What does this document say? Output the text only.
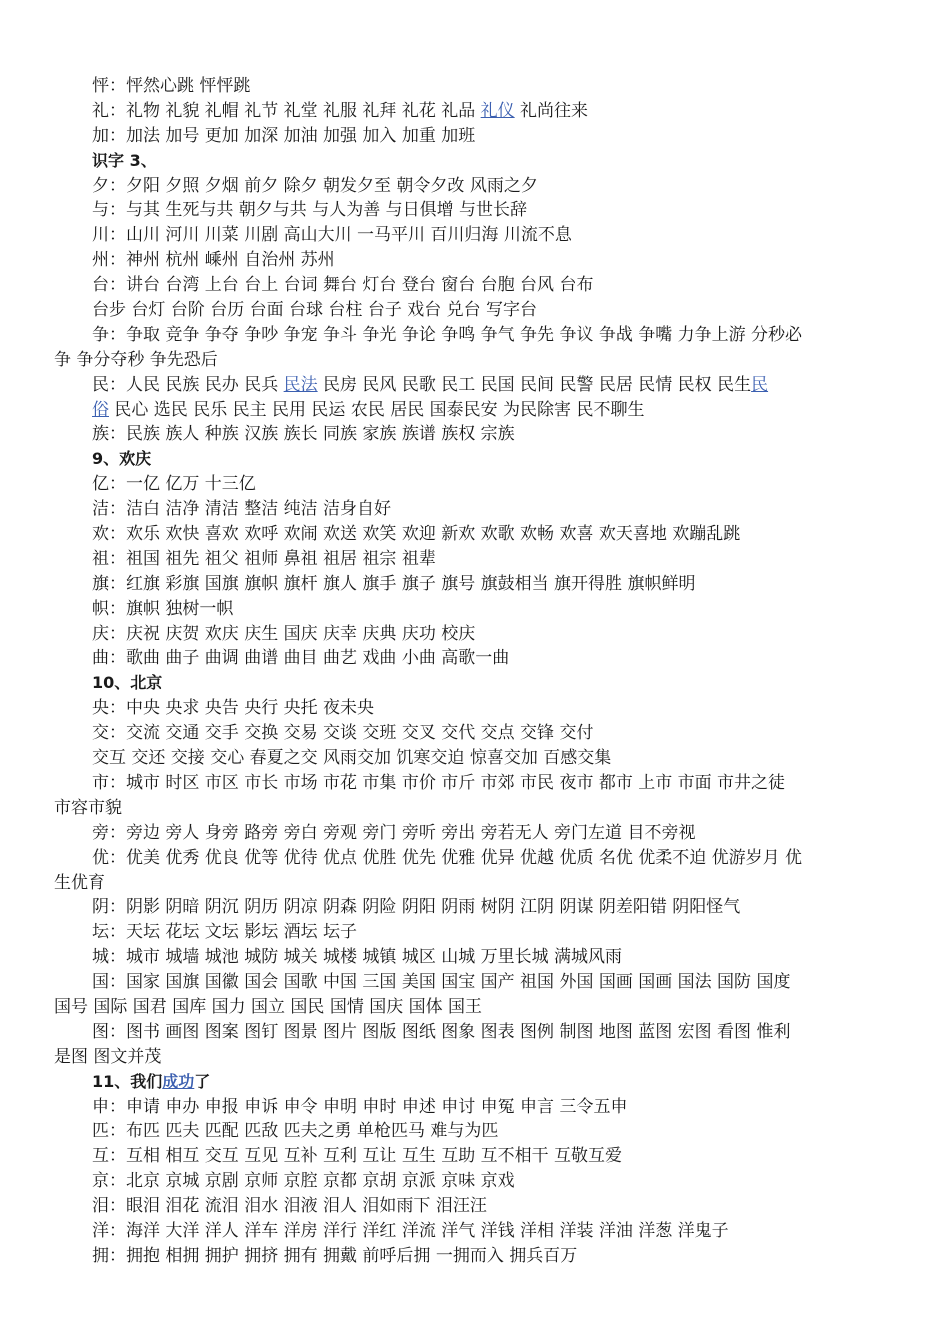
怦：怦然心跳 怦怦跳
礼：礼物 礼貌 礼帽 礼节 礼堂 礼服 礼拜 礼花 礼品 礼仪 礼尚往来
加：加法 加号 更加 加深 加油 加强 加入 加重 加班
识字 3、
夕：夕阳 夕照 夕烟 前夕 除夕 朝发夕至 朝令夕改 风雨之夕
与：与其 生死与共 朝夕与共 与人为善 与日俱增 与世长辞
川：山川 河川 川菜 川剧 高山大川 一马平川 百川归海 川流不息
州：神州 杭州 嵊州 自治州 苏州
台：讲台 台湾 上台 台上 台词 舞台 灯台 登台 窗台 台胞 台风 台布
台步 台灯 台阶 台历 台面 台球 台柱 台子 戏台 兑台 写字台
争：争取 竞争 争夺 争吵 争宠 争斗 争光 争论 争鸣 争气 争先 争议 争战 争嘴 力争上游 分秒必
争 争分夺秒 争先恐后
民：人民 民族 民办 民兵 民法 民房 民风 民歌 民工 民国 民间 民警 民居 民情 民权 民生民
俗 民心 选民 民乐 民主 民用 民运 农民 居民 国泰民安 为民除害 民不聊生
族：民族 族人 种族 汉族 族长 同族 家族 族谱 族权 宗族
9、欢庆
亿：一亿 亿万 十三亿
洁：洁白 洁净 清洁 整洁 纯洁 洁身自好
欢：欢乐 欢快 喜欢 欢呼 欢闹 欢送 欢笑 欢迎 新欢 欢歌 欢畅 欢喜 欢天喜地 欢蹦乱跳
祖：祖国 祖先 祖父 祖师 鼻祖 祖居 祖宗 祖辈
旗：红旗 彩旗 国旗 旗帜 旗杆 旗人 旗手 旗子 旗号 旗鼓相当 旗开得胜 旗帜鲜明
帜：旗帜 独树一帜
庆：庆祝 庆贺 欢庆 庆生 国庆 庆幸 庆典 庆功 校庆
曲：歌曲 曲子 曲调 曲谱 曲目 曲艺 戏曲 小曲 高歌一曲
10、北京
央：中央 央求 央告 央行 央托 夜未央
交：交流 交通 交手 交换 交易 交谈 交班 交叉 交代 交点 交锋 交付
交互 交还 交接 交心 春夏之交 风雨交加 饥寒交迫 惊喜交加 百感交集
市：城市 时区 市区 市长 市场 市花 市集 市价 市斤 市郊 市民 夜市 都市 上市 市面 市井之徒
市容市貌
旁：旁边 旁人 身旁 路旁 旁白 旁观 旁门 旁听 旁出 旁若无人 旁门左道 目不旁视
优：优美 优秀 优良 优等 优待 优点 优胜 优先 优雅 优异 优越 优质 名优 优柔不迫 优游岁月 优
生优育
阴：阴影 阴暗 阴沉 阴历 阴凉 阴森 阴险 阴阳 阴雨 树阴 江阴 阴谋 阴差阳错 阴阳怪气
坛：天坛 花坛 文坛 影坛 酒坛 坛子
城：城市 城墙 城池 城防 城关 城楼 城镇 城区 山城 万里长城 满城风雨
国：国家 国旗 国徽 国会 国歌 中国 三国 美国 国宝 国产 祖国 外国 国画 国画 国法 国防 国度
国号 国际 国君 国库 国力 国立 国民 国情 国庆 国体 国王
图：图书 画图 图案 图钉 图景 图片 图版 图纸 图象 图表 图例 制图 地图 蓝图 宏图 看图 惟利
是图 图文并茂
11、我们成功了
申：申请 申办 申报 申诉 申令 申明 申时 申述 申讨 申冤 申言 三令五申
匹：布匹 匹夫 匹配 匹敌 匹夫之勇 单枪匹马 难与为匹
互：互相 相互 交互 互见 互补 互利 互让 互生 互助 互不相干 互敬互爱
京：北京 京城 京剧 京师 京腔 京都 京胡 京派 京味 京戏
泪：眼泪 泪花 流泪 泪水 泪液 泪人 泪如雨下 泪汪汪
洋：海洋 大洋 洋人 洋车 洋房 洋行 洋红 洋流 洋气 洋钱 洋相 洋装 洋油 洋葱 洋鬼子
拥：拥抱 相拥 拥护 拥挤 拥有 拥戴 前呼后拥 一拥而入 拥兵百万
